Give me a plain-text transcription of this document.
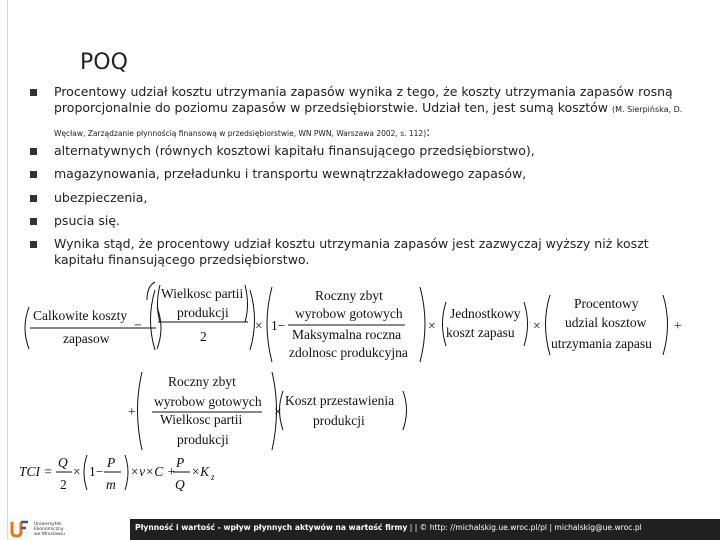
POQ
Procentowy udział kosztu utrzymania zapasów wynika z tego, że koszty utrzymania zapasów rosną
proporcjonalnie do poziomu zapasów w przedsiębiorstwie. Udział ten, jest sumą kosztów (M. Sierpińska, D.
Węcław, Zarządzanie płynnością finansową w przedsiębiorstwie, WN PWN, Warszawa 2002, s. 112):
alternatywnych (równych kosztowi kapitału finansującego przedsiębiorstwo),
magazynowania, przeładunku i transportu wewnątrzzakładowego zapasów,
ubezpieczenia,
psucia się.
Wynika stąd, że procentowy udział kosztu utrzymania zapasów jest zazwyczaj wyższy niż koszt
kapitału finansującego przedsiębiorstwo.
Calkowite koszty
zapasow
=
Wielkosc partii
produkcji
2
× 1−
Roczny zbyt
wyrobow gotowych
Maksymalna roczna
zdolnosc produkcyjna
×
Jednostkowy
koszt zapasu ×
Procentowy
udzial kosztow
utrzymania zapasu
+
+
Roczny zbyt
wyrobow gotowych
Wielkosc partii
produkcji
×
Koszt przestawienia
produkcji
TCI =
Q
2
× 1−
P
m
×ν×C +
P
Q
×K z
Uniwersytet Ekonomiczny
we Wrocławiu
Płynność i wartość - wpływ płynnych aktywów na wartość firmy | | © http: //michalskig.ue.wroc.pl/pl | michalskig@ue.wroc.pl
